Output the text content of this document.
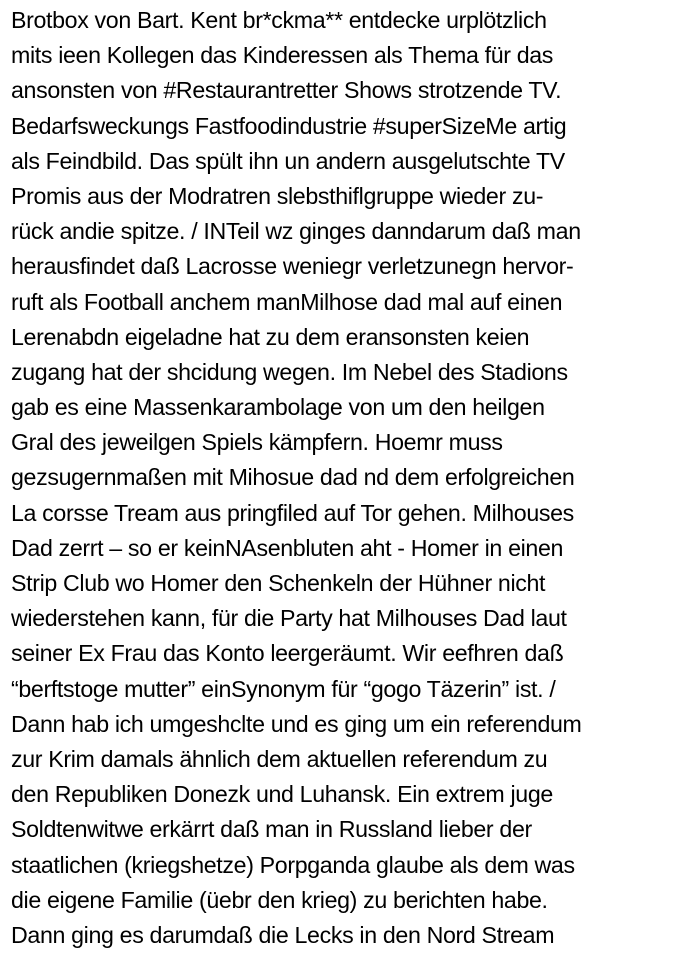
Brotbox von Bart. Kent br*ckma** entdecke urplötzlich
mits ieen Kollegen das Kinderessen als Thema für das
ansonsten von #Restaurantretter Shows strotzende TV.
Bedarfsweckungs Fastfoodindustrie #superSizeMe artig
als Feindbild. Das spült ihn un andern ausgelutschte TV
Promis aus der Modratren slebsthiflgruppe wieder zu-
rück andie spitze. / INTeil wz ginges danndarum daß man
herausfindet daß Lacrosse weniegr verletzunegn hervor-
ruft als Football anchem manMilhose dad mal auf einen
Lerenabdn eigeladne hat zu dem eransonsten keien
zugang hat der shcidung wegen. Im Nebel des Stadions
gab es eine Massenkarambolage von um den heilgen
Gral des jeweilgen Spiels kämpfern. Hoemr muss
gezsugernmaßen mit Mihosue dad nd dem erfolgreichen
La corsse Tream aus pringfiled auf Tor gehen. Milhouses
Dad zerrt – so er keinNAsenbluten aht - Homer in einen
Strip Club wo Homer den Schenkeln der Hühner nicht
wiederstehen kann, für die Party hat Milhouses Dad laut
seiner Ex Frau das Konto leergeräumt. Wir eefhren daß
“berftstoge mutter” einSynonym für “gogo Täzerin” ist. /
Dann hab ich umgeshclte und es ging um ein referendum
zur Krim damals ähnlich dem aktuellen referendum zu
den Republiken Donezk und Luhansk. Ein extrem juge
Soldtenwitwe erkärrt daß man in Russland lieber der
staatlichen (kriegshetze) Porpganda glaube als dem was
die eigene Familie (üebr den krieg) zu berichten habe.
Dann ging es darumdaß die Lecks in den Nord Stream
